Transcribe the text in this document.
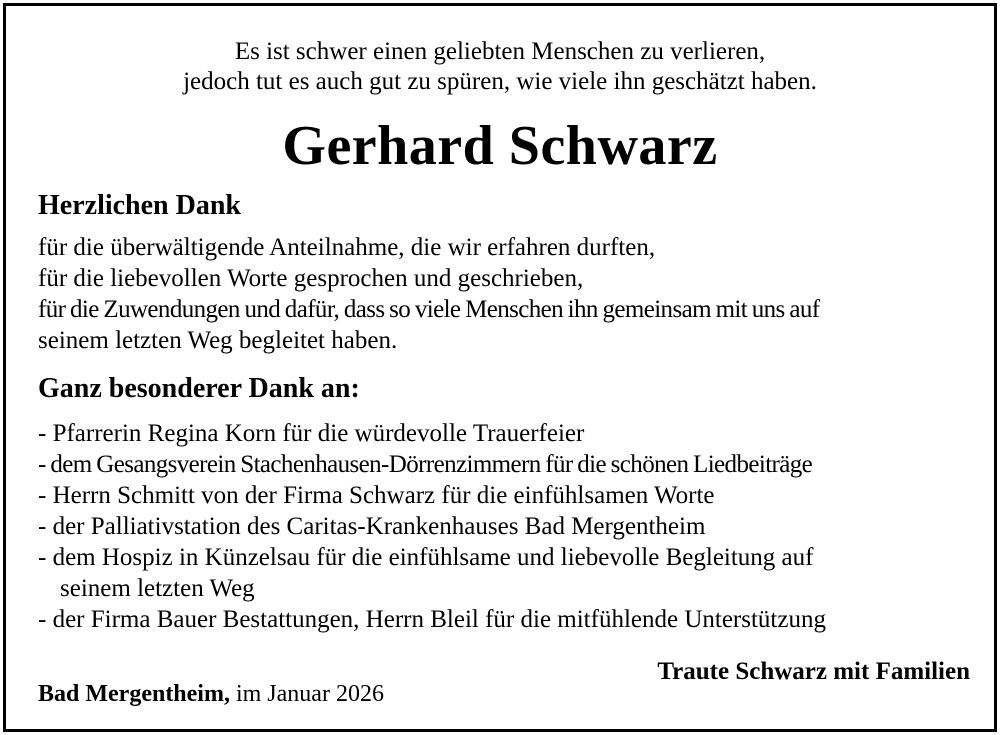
Es ist schwer einen geliebten Menschen zu verlieren,
jedoch tut es auch gut zu spüren, wie viele ihn geschätzt haben.
Gerhard Schwarz
Herzlichen Dank
für die überwältigende Anteilnahme, die wir erfahren durften,
für die liebevollen Worte gesprochen und geschrieben,
für die Zuwendungen und dafür, dass so viele Menschen ihn gemeinsam mit uns auf
seinem letzten Weg begleitet haben.
Ganz besonderer Dank an:
- Pfarrerin Regina Korn für die würdevolle Trauerfeier
- dem Gesangsverein Stachenhausen-Dörrenzimmern für die schönen Liedbeiträge
- Herrn Schmitt von der Firma Schwarz für die einfühlsamen Worte
- der Palliativstation des Caritas-Krankenhauses Bad Mergentheim
- dem Hospiz in Künzelsau für die einfühlsame und liebevolle Begleitung auf
seinem letzten Weg
- der Firma Bauer Bestattungen, Herrn Bleil für die mitfühlende Unterstützung
Traute Schwarz mit Familien
Bad Mergentheim, im Januar 2026
